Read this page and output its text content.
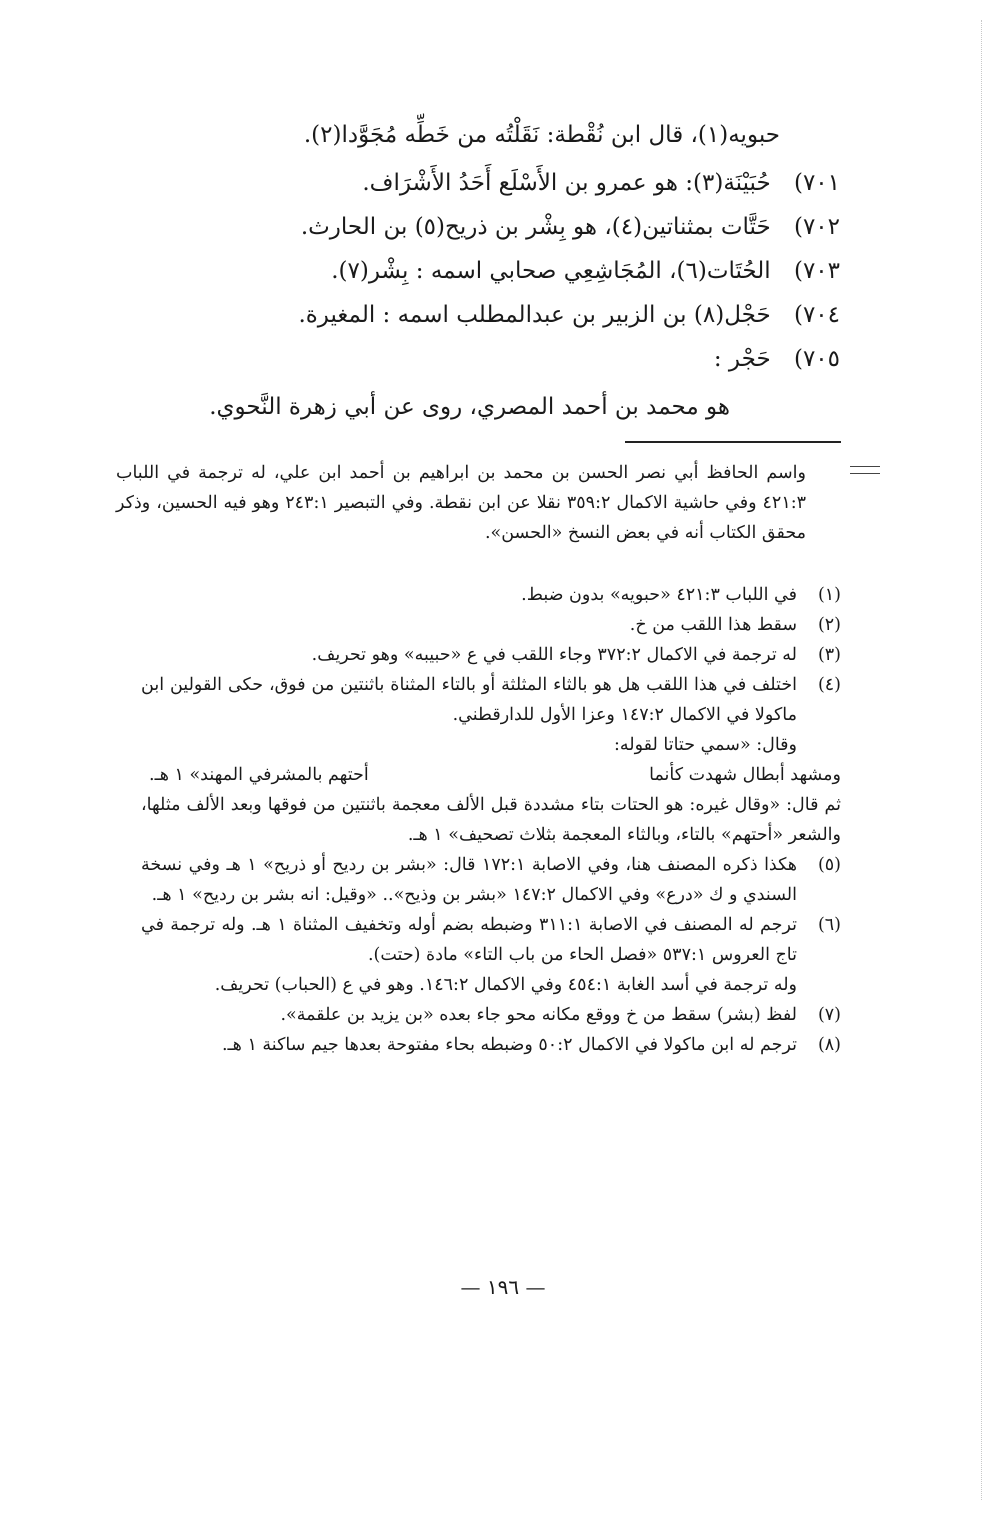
حبويه(١)، قال ابن نُقْطة: نَقَلْتُه من خَطِّه مُجَوَّدا(٢).
٧٠١) حُبَيْنَة(٣): هو عمرو بن الأَسْلَع أَحَدُ الأَشْرَاف.
٧٠٢) حَتَّات بمثناتين(٤)، هو بِشْر بن ذريح(٥) بن الحارث.
٧٠٣) الحُتَات(٦)، المُجَاشِعِي صحابي اسمه : بِشْر(٧).
٧٠٤) حَجْل(٨) بن الزبير بن عبدالمطلب اسمه : المغيرة.
٧٠٥) حَجْر :
هو محمد بن أحمد المصري، روى عن أبي زهرة النَّحوي.

واسم الحافظ أبي نصر الحسن بن محمد بن ابراهيم بن أحمد ابن علي، له ترجمة في اللباب ٤٢١:٣ وفي حاشية الاكمال ٣٥٩:٢ نقلا عن ابن نقطة. وفي التبصير ٢٤٣:١ وهو فيه الحسين، وذكر محقق الكتاب أنه في بعض النسخ «الحسن».

(١)
في اللباب ٤٢١:٣ «حبويه» بدون ضبط.
(٢)
سقط هذا اللقب من خ.
(٣)
له ترجمة في الاكمال ٣٧٢:٢ وجاء اللقب في ع «حبيبه» وهو تحريف.
(٤)

اختلف في هذا اللقب هل هو بالثاء المثلثة أو بالتاء المثناة باثنتين من فوق، حكى القولين ابن ماكولا في الاكمال ١٤٧:٢ وعزا الأول للدارقطني.

وقال: «سمي حتاتا لقوله:

ومشهد أبطال شهدت كأنما
أحتهم بالمشرفي المهند» ١ هـ.

ثم قال: «وقال غيره: هو الحتات بتاء مشددة قبل الألف معجمة باثنتين من فوقها وبعد الألف مثلها، والشعر «أحتهم» بالتاء، وبالثاء المعجمة بثلاث تصحيف» ١ هـ.

(٥)
هكذا ذكره المصنف هنا، وفي الاصابة ١٧٢:١ قال: «بشر بن رديح أو ذريح» ١ هـ وفي نسخة السندي و ك «درع» وفي الاكمال ١٤٧:٢ «بشر بن وذيح».. «وقيل: انه بشر بن رديح» ١ هـ.
(٦)

ترجم له المصنف في الاصابة ٣١١:١ وضبطه بضم أوله وتخفيف المثناة ١ هـ. وله ترجمة في تاج العروس ٥٣٧:١ «فصل الحاء من باب التاء» مادة (حتت).

وله ترجمة في أسد الغابة ٤٥٤:١ وفي الاكمال ١٤٦:٢. وهو في ع (الحباب) تحريف.

(٧)
لفظ (بشر) سقط من خ ووقع مكانه محو جاء بعده «بن يزيد بن علقمة».
(٨)
ترجم له ابن ماكولا في الاكمال ٥٠:٢ وضبطه بحاء مفتوحة بعدها جيم ساكنة ١ هـ.
— ١٩٦ —
